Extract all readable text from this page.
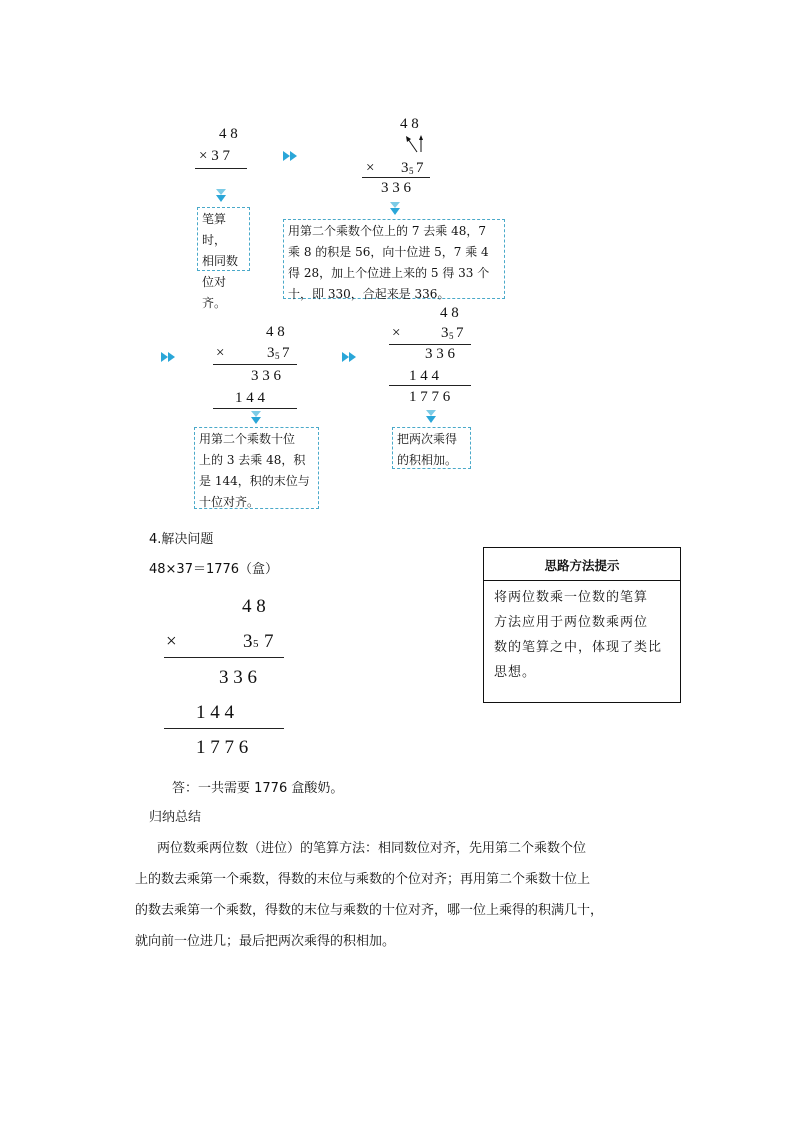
4 8
× 3 7
笔算时，
相同数
位对齐。
4 8
× 3 5 7
3 3 6
用第二个乘数个位上的 7 去乘 48，7
乘 8 的积是 56，向十位进 5，7 乘 4
得 28，加上个位进上来的 5 得 33 个
十，即 330，合起来是 336。
4 8
×	3 5 7
3 3 6
1 4 4
用第二个乘数十位
上的 3 去乘 48，积
是 144，积的末位与
十位对齐。
4 8
×	3 5 7
3 3 6
1 4 4
1 7 7 6
把两次乘得
的积相加。
4.解决问题
48×37＝1776（盒）
4 8
×	3 5 7
3 3 6
1 4 4
1 7 7 6
答：一共需要 1776 盒酸奶。
思路方法提示
将两位数乘一位数的笔算
方法应用于两位数乘两位
数的笔算之中，体现了类比
思想。
归纳总结
两位数乘两位数（进位）的笔算方法：相同数位对齐，先用第二个乘数个位
上的数去乘第一个乘数，得数的末位与乘数的个位对齐；再用第二个乘数十位上
的数去乘第一个乘数，得数的末位与乘数的十位对齐，哪一位上乘得的积满几十，
就向前一位进几；最后把两次乘得的积相加。
